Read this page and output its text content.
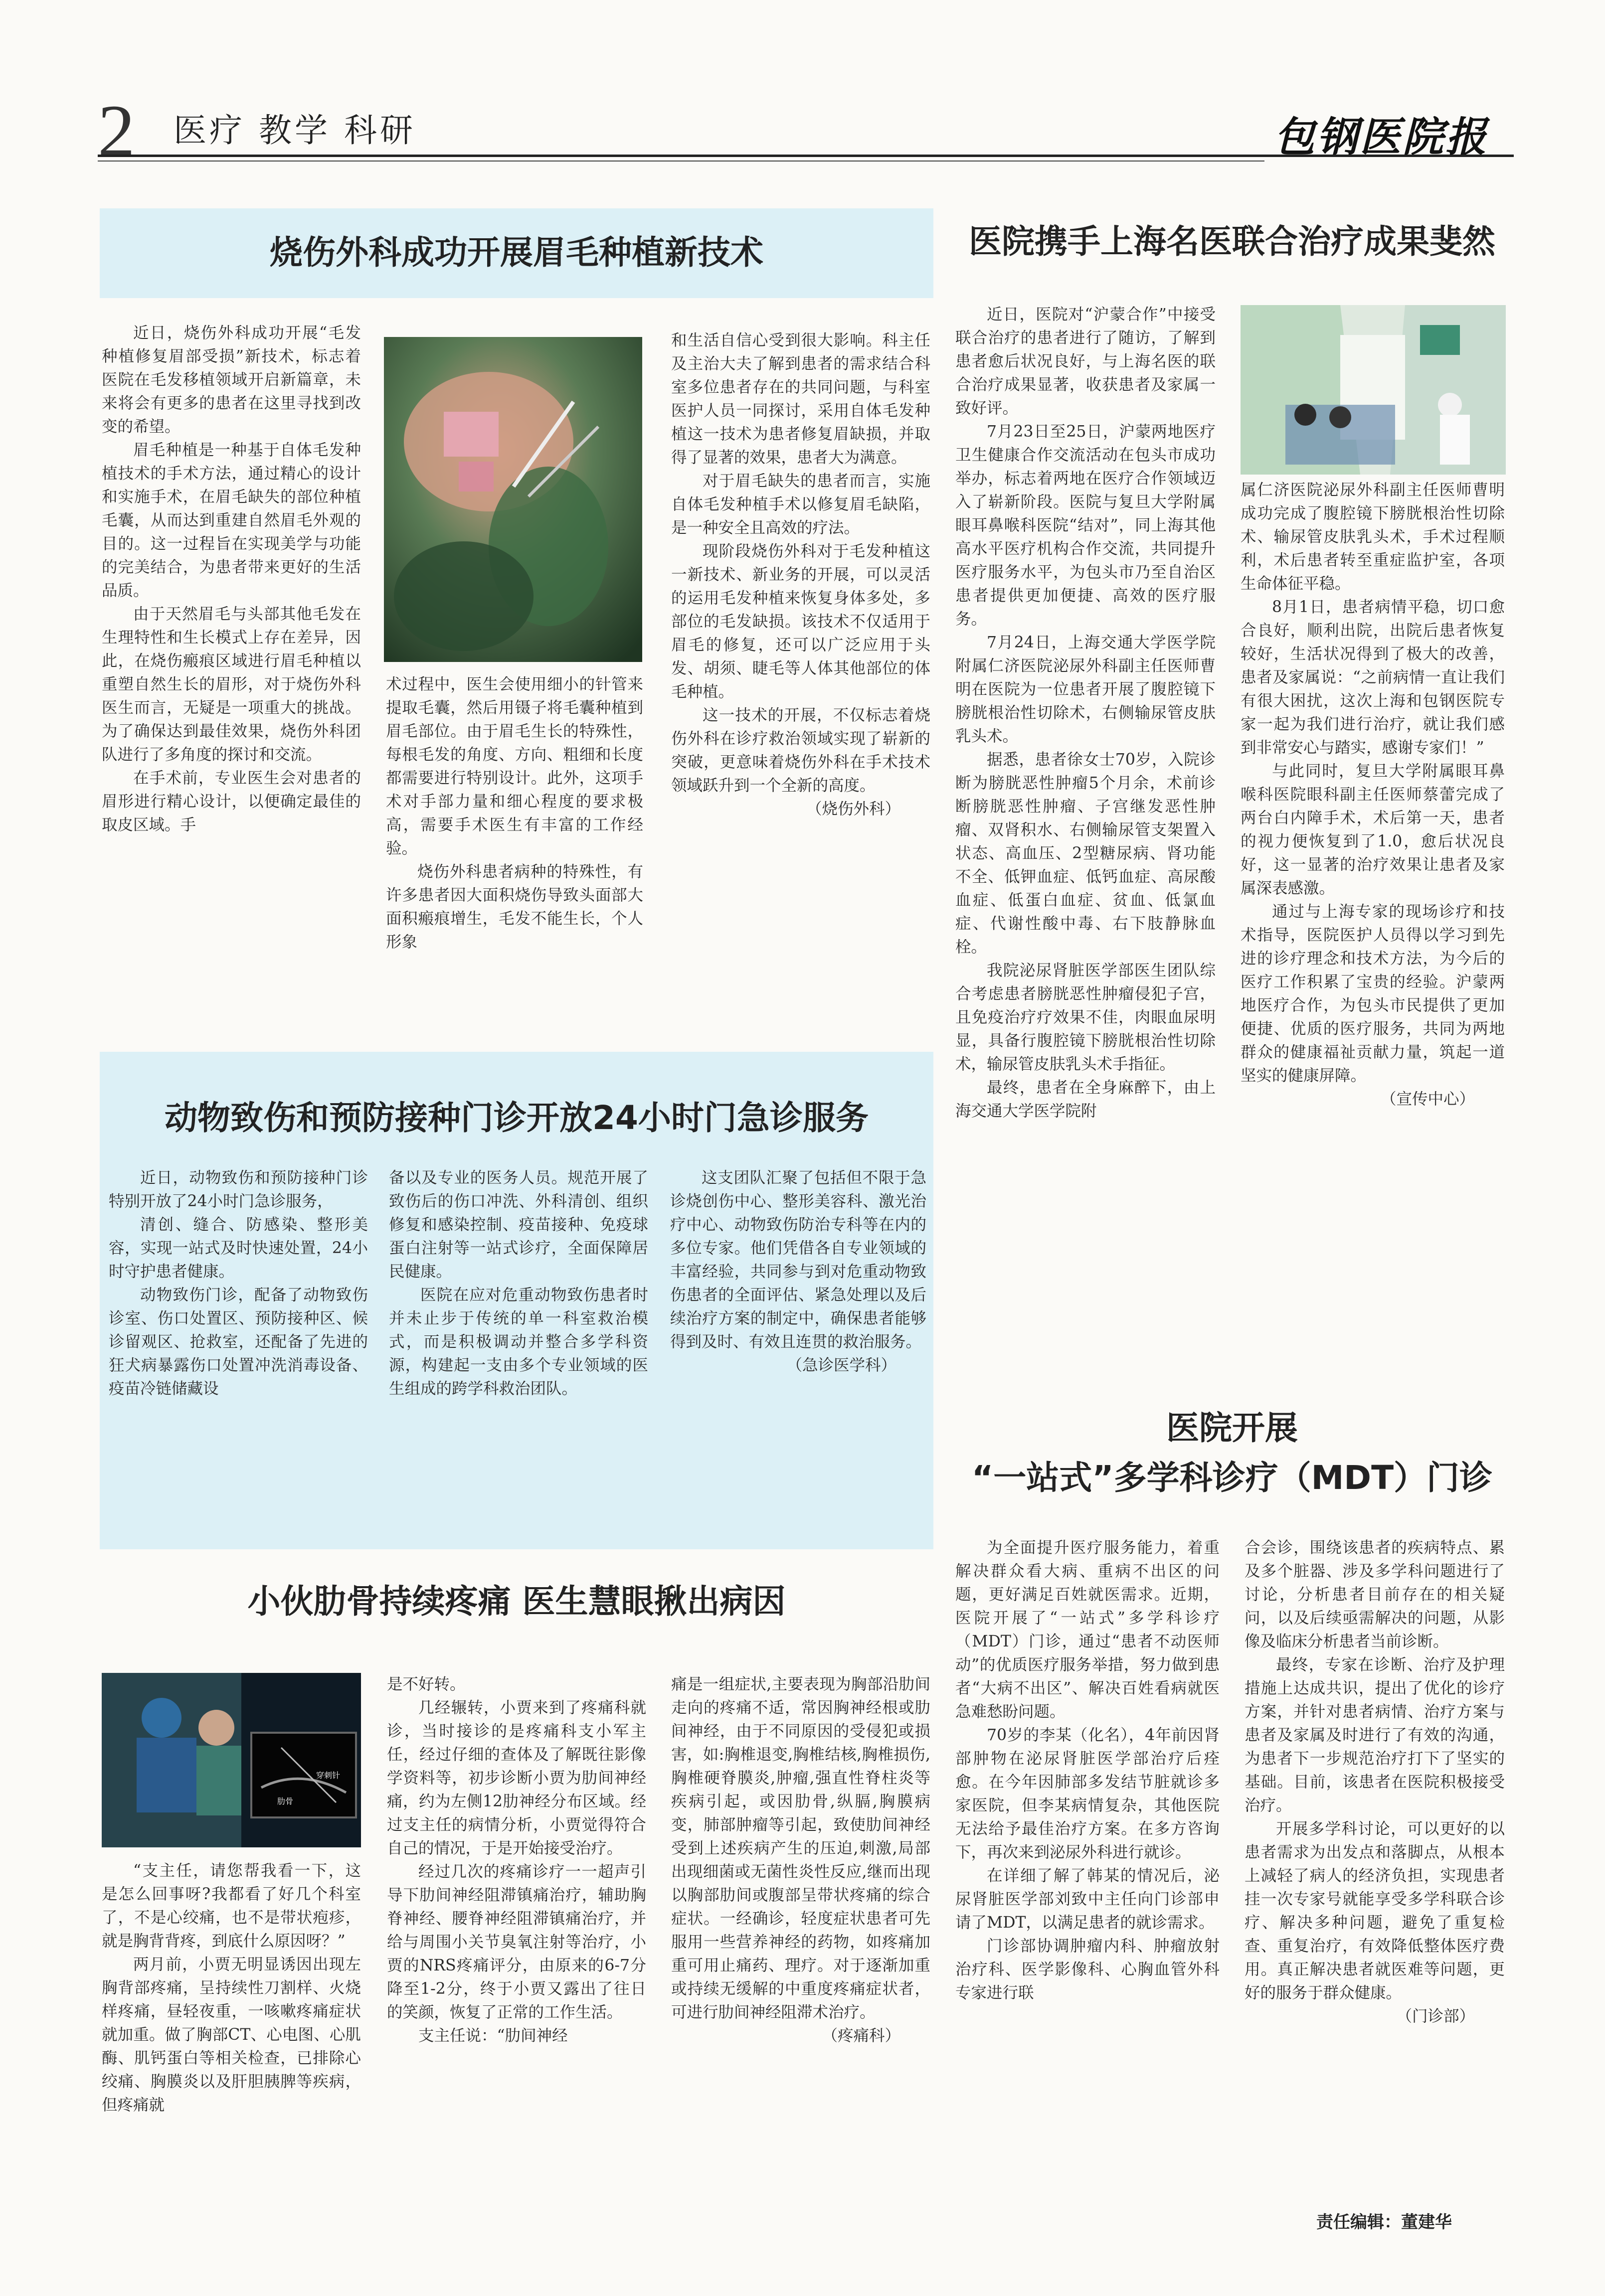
2 医疗 教学 科研	包钢医院报
烧伤外科成功开展眉毛种植新技术

近日，烧伤外科成功开展“毛发种植修复眉部受损”新技术，标志着医院在毛发移植领域开启新篇章，未来将会有更多的患者在这里寻找到改变的希望。

眉毛种植是一种基于自体毛发种植技术的手术方法，通过精心的设计和实施手术，在眉毛缺失的部位种植毛囊，从而达到重建自然眉毛外观的目的。这一过程旨在实现美学与功能的完美结合，为患者带来更好的生活品质。

由于天然眉毛与头部其他毛发在生理特性和生长模式上存在差异，因此，在烧伤瘢痕区域进行眉毛种植以重塑自然生长的眉形，对于烧伤外科医生而言，无疑是一项重大的挑战。为了确保达到最佳效果，烧伤外科团队进行了多角度的探讨和交流。

在手术前，专业医生会对患者的眉形进行精心设计，以便确定最佳的取皮区域。手

术过程中，医生会使用细小的针管来提取毛囊，然后用镊子将毛囊种植到眉毛部位。由于眉毛生长的特殊性，每根毛发的角度、方向、粗细和长度都需要进行特别设计。此外，这项手术对手部力量和细心程度的要求极高，需要手术医生有丰富的工作经验。

烧伤外科患者病种的特殊性，有许多患者因大面积烧伤导致头面部大面积瘢痕增生，毛发不能生长，个人形象

和生活自信心受到很大影响。科主任及主治大夫了解到患者的需求结合科室多位患者存在的共同问题，与科室医护人员一同探讨，采用自体毛发种植这一技术为患者修复眉缺损，并取得了显著的效果，患者大为满意。

对于眉毛缺失的患者而言，实施自体毛发种植手术以修复眉毛缺陷，是一种安全且高效的疗法。

现阶段烧伤外科对于毛发种植这一新技术、新业务的开展，可以灵活的运用毛发种植来恢复身体多处，多部位的毛发缺损。该技术不仅适用于眉毛的修复，还可以广泛应用于头发、胡须、睫毛等人体其他部位的体毛种植。

这一技术的开展，不仅标志着烧伤外科在诊疗救治领域实现了崭新的突破，更意味着烧伤外科在手术技术领域跃升到一个全新的高度。

（烧伤外科）
医院携手上海名医联合治疗成果斐然

近日，医院对“沪蒙合作”中接受联合治疗的患者进行了随访，了解到患者愈后状况良好，与上海名医的联合治疗成果显著，收获患者及家属一致好评。

7月23日至25日，沪蒙两地医疗卫生健康合作交流活动在包头市成功举办，标志着两地在医疗合作领域迈入了崭新阶段。医院与复旦大学附属眼耳鼻喉科医院“结对”，同上海其他高水平医疗机构合作交流，共同提升医疗服务水平，为包头市乃至自治区患者提供更加便捷、高效的医疗服务。

7月24日，上海交通大学医学院附属仁济医院泌尿外科副主任医师曹明在医院为一位患者开展了腹腔镜下膀胱根治性切除术，右侧输尿管皮肤乳头术。

据悉，患者徐女士70岁，入院诊断为膀胱恶性肿瘤5个月余，术前诊断膀胱恶性肿瘤、子宫继发恶性肿瘤、双肾积水、右侧输尿管支架置入状态、高血压、2型糖尿病、肾功能不全、低钾血症、低钙血症、高尿酸血症、低蛋白血症、贫血、低氯血症、代谢性酸中毒、右下肢静脉血栓。

我院泌尿肾脏医学部医生团队综合考虑患者膀胱恶性肿瘤侵犯子宫，且免疫治疗疗效果不佳，肉眼血尿明显，具备行腹腔镜下膀胱根治性切除术，输尿管皮肤乳头术手指征。

最终，患者在全身麻醉下，由上海交通大学医学院附

属仁济医院泌尿外科副主任医师曹明成功完成了腹腔镜下膀胱根治性切除术、输尿管皮肤乳头术，手术过程顺利，术后患者转至重症监护室，各项生命体征平稳。

8月1日，患者病情平稳，切口愈合良好，顺利出院，出院后患者恢复较好，生活状况得到了极大的改善，患者及家属说：“之前病情一直让我们有很大困扰，这次上海和包钢医院专家一起为我们进行治疗，就让我们感到非常安心与踏实，感谢专家们！”

与此同时，复旦大学附属眼耳鼻喉科医院眼科副主任医师蔡蕾完成了两台白内障手术，术后第一天，患者的视力便恢复到了1.0，愈后状况良好，这一显著的治疗效果让患者及家属深表感激。

通过与上海专家的现场诊疗和技术指导，医院医护人员得以学习到先进的诊疗理念和技术方法，为今后的医疗工作积累了宝贵的经验。沪蒙两地医疗合作，为包头市民提供了更加便捷、优质的医疗服务，共同为两地群众的健康福祉贡献力量，筑起一道坚实的健康屏障。

（宣传中心）
动物致伤和预防接种门诊开放24小时门急诊服务

近日，动物致伤和预防接种门诊特别开放了24小时门急诊服务，

清创、缝合、防感染、整形美容，实现一站式及时快速处置，24小时守护患者健康。

动物致伤门诊，配备了动物致伤诊室、伤口处置区、预防接种区、候诊留观区、抢救室，还配备了先进的狂犬病暴露伤口处置冲洗消毒设备、疫苗冷链储藏设

备以及专业的医务人员。规范开展了致伤后的伤口冲洗、外科清创、组织修复和感染控制、疫苗接种、免疫球蛋白注射等一站式诊疗，全面保障居民健康。

医院在应对危重动物致伤患者时并未止步于传统的单一科室救治模式，而是积极调动并整合多学科资源，构建起一支由多个专业领域的医生组成的跨学科救治团队。

这支团队汇聚了包括但不限于急诊烧创伤中心、整形美容科、激光治疗中心、动物致伤防治专科等在内的多位专家。他们凭借各自专业领域的丰富经验，共同参与到对危重动物致伤患者的全面评估、紧急处理以及后续治疗方案的制定中，确保患者能够得到及时、有效且连贯的救治服务。

（急诊医学科）
小伙肋骨持续疼痛 医生慧眼揪出病因
肋骨
穿刺针

“支主任，请您帮我看一下，这是怎么回事呀?我都看了好几个科室了，不是心绞痛，也不是带状疱疹，就是胸背背疼，到底什么原因呀？”

两月前，小贾无明显诱因出现左胸背部疼痛，呈持续性刀割样、火烧样疼痛，昼轻夜重，一咳嗽疼痛症状就加重。做了胸部CT、心电图、心肌酶、肌钙蛋白等相关检查，已排除心绞痛、胸膜炎以及肝胆胰脾等疾病，但疼痛就

是不好转。

几经辗转，小贾来到了疼痛科就诊，当时接诊的是疼痛科支小军主任，经过仔细的查体及了解既往影像学资料等，初步诊断小贾为肋间神经痛，约为左侧12肋神经分布区域。经过支主任的病情分析，小贾觉得符合自己的情况，于是开始接受治疗。

经过几次的疼痛诊疗一一超声引导下肋间神经阻滞镇痛治疗，辅助胸脊神经、腰脊神经阻滞镇痛治疗，并给与周围小关节臭氧注射等治疗，小贾的NRS疼痛评分，由原来的6-7分降至1-2分，终于小贾又露出了往日的笑颜，恢复了正常的工作生活。

支主任说：“肋间神经

痛是一组症状,主要表现为胸部沿肋间走向的疼痛不适，常因胸神经根或肋间神经，由于不同原因的受侵犯或损害，如:胸椎退变,胸椎结核,胸椎损伤,胸椎硬脊膜炎,肿瘤,强直性脊柱炎等疾病引起，或因肋骨,纵膈,胸膜病变，肺部肿瘤等引起，致使肋间神经受到上述疾病产生的压迫,刺激,局部出现细菌或无菌性炎性反应,继而出现以胸部肋间或腹部呈带状疼痛的综合症状。一经确诊，轻度症状患者可先服用一些营养神经的药物，如疼痛加重可用止痛药、理疗。对于逐渐加重或持续无缓解的中重度疼痛症状者，可进行肋间神经阻滞术治疗。

（疼痛科）
医院开展
“一站式”多学科诊疗（MDT）门诊

为全面提升医疗服务能力，着重解决群众看大病、重病不出区的问题，更好满足百姓就医需求。近期，医院开展了“一站式”多学科诊疗（MDT）门诊，通过“患者不动医师动”的优质医疗服务举措，努力做到患者“大病不出区”、解决百姓看病就医急难愁盼问题。

70岁的李某（化名），4年前因肾部肿物在泌尿肾脏医学部治疗后痊愈。在今年因肺部多发结节脏就诊多家医院，但李某病情复杂，其他医院无法给予最佳治疗方案。在多方咨询下，再次来到泌尿外科进行就诊。

在详细了解了韩某的情况后，泌尿肾脏医学部刘致中主任向门诊部申请了MDT，以满足患者的就诊需求。

门诊部协调肿瘤内科、肿瘤放射治疗科、医学影像科、心胸血管外科专家进行联

合会诊，围绕该患者的疾病特点、累及多个脏器、涉及多学科问题进行了讨论，分析患者目前存在的相关疑问，以及后续亟需解决的问题，从影像及临床分析患者当前诊断。

最终，专家在诊断、治疗及护理措施上达成共识，提出了优化的诊疗方案，并针对患者病情、治疗方案与患者及家属及时进行了有效的沟通，为患者下一步规范治疗打下了坚实的基础。目前，该患者在医院积极接受治疗。

开展多学科讨论，可以更好的以患者需求为出发点和落脚点，从根本上减轻了病人的经济负担，实现患者挂一次专家号就能享受多学科联合诊疗、解决多种问题，避免了重复检查、重复治疗，有效降低整体医疗费用。真正解决患者就医难等问题，更好的服务于群众健康。

（门诊部）
责任编辑：董建华
